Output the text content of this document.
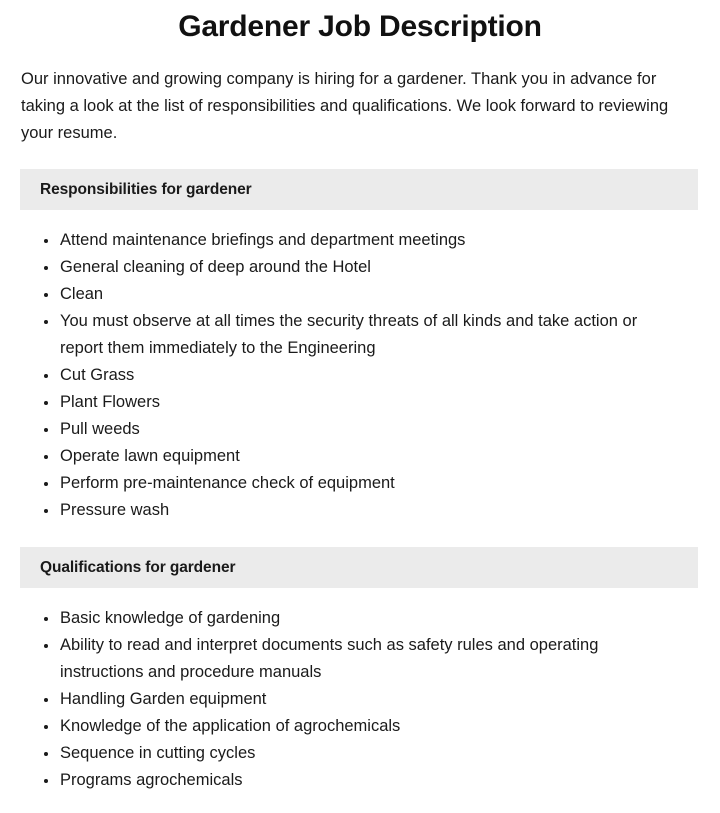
Gardener Job Description

Our innovative and growing company is hiring for a gardener. Thank you in advance for taking a look at the list of responsibilities and qualifications. We look forward to reviewing your resume.

Responsibilities for gardener
Attend maintenance briefings and department meetings
General cleaning of deep around the Hotel
Clean
You must observe at all times the security threats of all kinds and take action or report them immediately to the Engineering
Cut Grass
Plant Flowers
Pull weeds
Operate lawn equipment
Perform pre-maintenance check of equipment
Pressure wash
Qualifications for gardener
Basic knowledge of gardening
Ability to read and interpret documents such as safety rules and operating instructions and procedure manuals
Handling Garden equipment
Knowledge of the application of agrochemicals
Sequence in cutting cycles
Programs agrochemicals
